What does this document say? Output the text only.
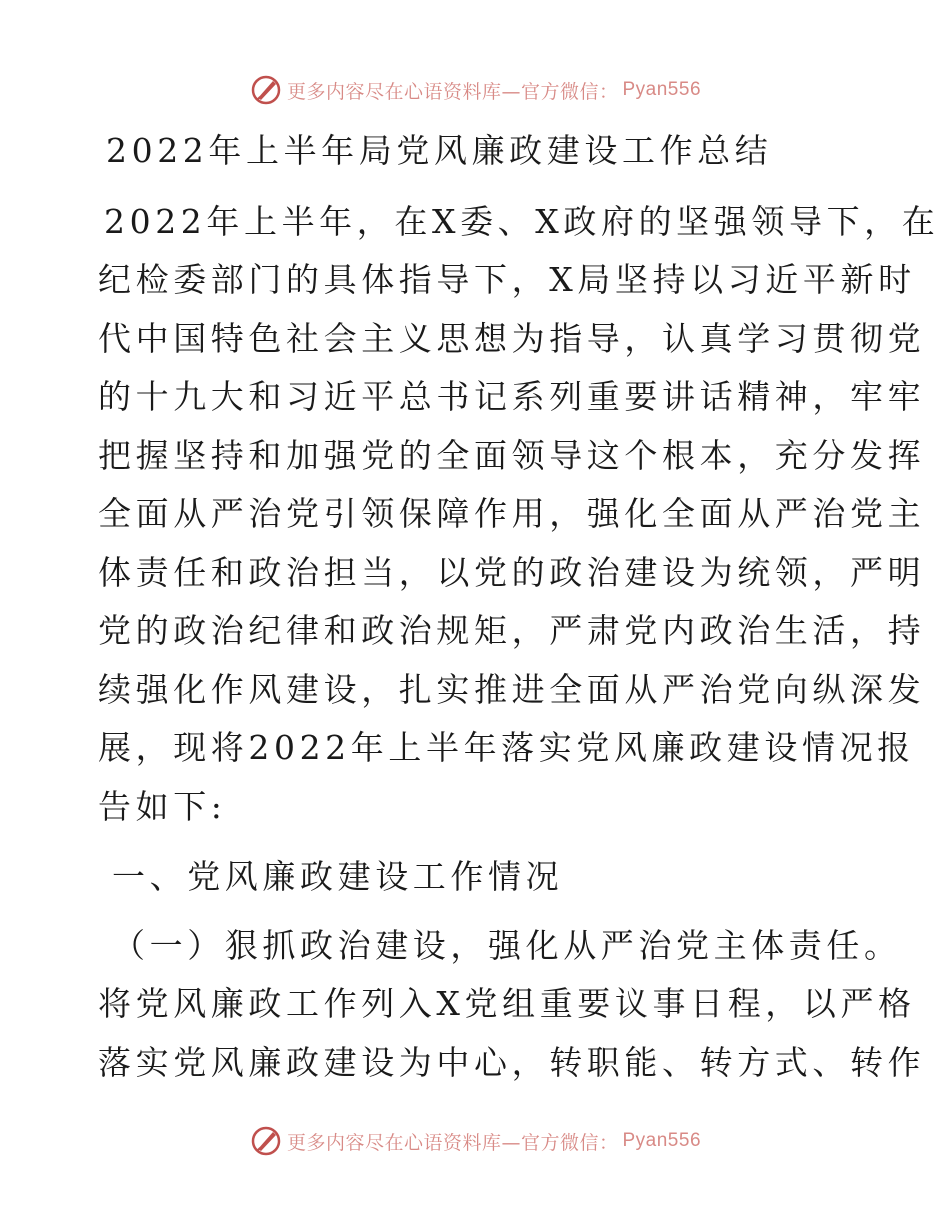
更多内容尽在心语资料库—官方微信： Pyan556
2022年上半年局党风廉政建设工作总结
2022年上半年，在X委、X政府的坚强领导下，在
纪检委部门的具体指导下，X局坚持以习近平新时
代中国特色社会主义思想为指导，认真学习贯彻党
的十九大和习近平总书记系列重要讲话精神，牢牢
把握坚持和加强党的全面领导这个根本，充分发挥
全面从严治党引领保障作用，强化全面从严治党主
体责任和政治担当，以党的政治建设为统领，严明
党的政治纪律和政治规矩，严肃党内政治生活，持
续强化作风建设，扎实推进全面从严治党向纵深发
展，现将2022年上半年落实党风廉政建设情况报
告如下:
一、党风廉政建设工作情况
（一）狠抓政治建设，强化从严治党主体责任。
将党风廉政工作列入X党组重要议事日程，以严格
落实党风廉政建设为中心，转职能、转方式、转作
更多内容尽在心语资料库—官方微信： Pyan556
